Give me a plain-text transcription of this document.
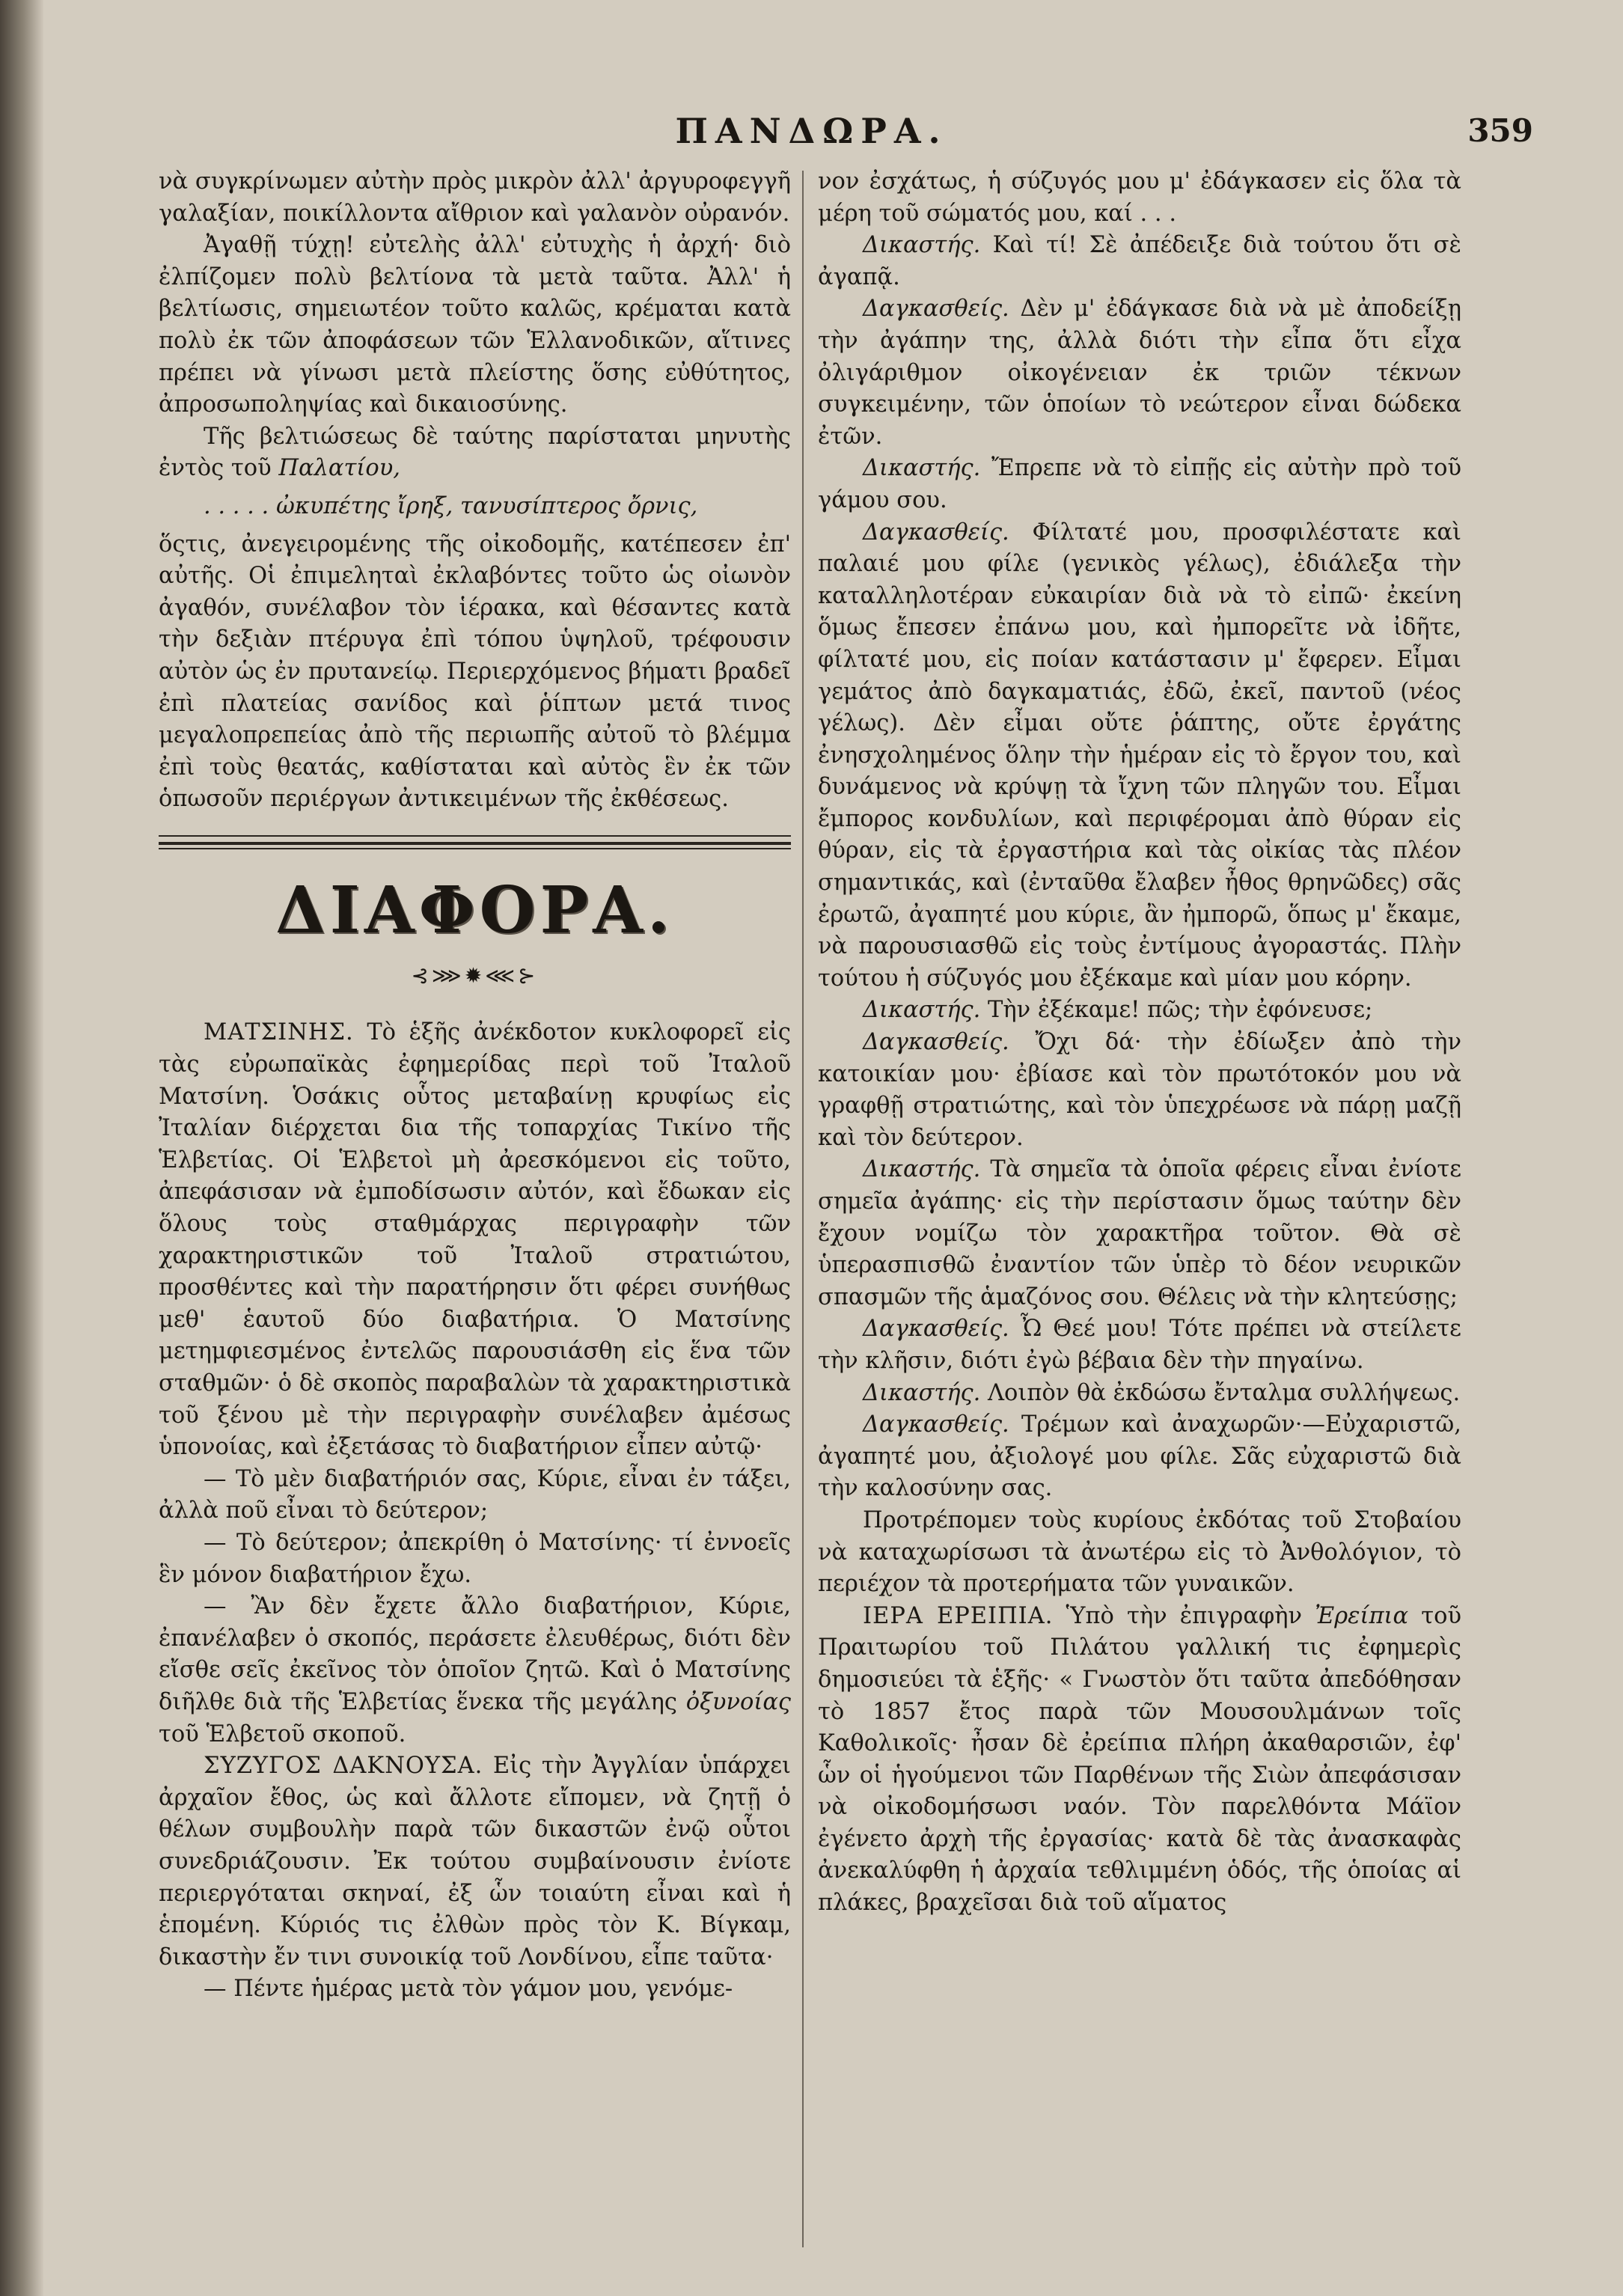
ΠΑΝΔΩΡΑ.	359

νὰ συγκρίνωμεν αὐτὴν πρὸς μικρὸν ἀλλ' ἀργυροφεγγῆ γαλαξίαν, ποικίλλοντα αἴθριον καὶ γαλανὸν οὐρανόν.

Ἀγαθῇ τύχῃ! εὐτελὴς ἀλλ' εὐτυχὴς ἡ ἀρχή· διὸ ἐλπίζομεν πολὺ βελτίονα τὰ μετὰ ταῦτα. Ἀλλ' ἡ βελτίωσις, σημειωτέον τοῦτο καλῶς, κρέμαται κατὰ πολὺ ἐκ τῶν ἀποφάσεων τῶν Ἑλλανοδικῶν, αἵτινες πρέπει νὰ γίνωσι μετὰ πλείστης ὅσης εὐθύτητος, ἀπροσωποληψίας καὶ δικαιοσύνης.

Τῆς βελτιώσεως δὲ ταύτης παρίσταται μηνυτὴς ἐντὸς τοῦ Παλατίου,

. . . . . ὠκυπέτης ἴρηξ, τανυσίπτερος ὄρνις,

ὅςτις, ἀνεγειρομένης τῆς οἰκοδομῆς, κατέπεσεν ἐπ' αὐτῆς. Οἱ ἐπιμεληταὶ ἐκλαβόντες τοῦτο ὡς οἰωνὸν ἀγαθόν, συνέλαβον τὸν ἱέρακα, καὶ θέσαντες κατὰ τὴν δεξιὰν πτέρυγα ἐπὶ τόπου ὑψηλοῦ, τρέφουσιν αὐτὸν ὡς ἐν πρυτανείῳ. Περιερχόμενος βήματι βραδεῖ ἐπὶ πλατείας σανίδος καὶ ῥίπτων μετά τινος μεγαλοπρεπείας ἀπὸ τῆς περιωπῆς αὐτοῦ τὸ βλέμμα ἐπὶ τοὺς θεατάς, καθίσταται καὶ αὐτὸς ἓν ἐκ τῶν ὁπωσοῦν περιέργων ἀντικειμένων τῆς ἐκθέσεως.

ΔΙΑΦΟΡΑ.
⊰⋙✹⋘⊱

ΜΑΤΣΙΝΗΣ. Τὸ ἑξῆς ἀνέκδοτον κυκλοφορεῖ εἰς τὰς εὐρωπαϊκὰς ἐφημερίδας περὶ τοῦ Ἰταλοῦ Ματσίνη. Ὁσάκις οὗτος μεταβαίνῃ κρυφίως εἰς Ἰταλίαν διέρχεται δια τῆς τοπαρχίας Τικίνο τῆς Ἑλβετίας. Οἱ Ἑλβετοὶ μὴ ἀρεσκόμενοι εἰς τοῦτο, ἀπεφάσισαν νὰ ἐμποδίσωσιν αὐτόν, καὶ ἔδωκαν εἰς ὅλους τοὺς σταθμάρχας περιγραφὴν τῶν χαρακτηριστικῶν τοῦ Ἰταλοῦ στρατιώτου, προσθέντες καὶ τὴν παρατήρησιν ὅτι φέρει συνήθως μεθ' ἑαυτοῦ δύο διαβατήρια. Ὁ Ματσίνης μετημφιεσμένος ἐντελῶς παρουσιάσθη εἰς ἕνα τῶν σταθμῶν· ὁ δὲ σκοπὸς παραβαλὼν τὰ χαρακτηριστικὰ τοῦ ξένου μὲ τὴν περιγραφὴν συνέλαβεν ἀμέσως ὑπονοίας, καὶ ἐξετάσας τὸ διαβατήριον εἶπεν αὐτῷ·

— Τὸ μὲν διαβατήριόν σας, Κύριε, εἶναι ἐν τάξει, ἀλλὰ ποῦ εἶναι τὸ δεύτερον;

— Τὸ δεύτερον; ἀπεκρίθη ὁ Ματσίνης· τί ἐννοεῖς ἓν μόνον διαβατήριον ἔχω.

— Ἂν δὲν ἔχετε ἄλλο διαβατήριον, Κύριε, ἐπανέλαβεν ὁ σκοπός, περάσετε ἐλευθέρως, διότι δὲν εἴσθε σεῖς ἐκεῖνος τὸν ὁποῖον ζητῶ. Καὶ ὁ Ματσίνης διῆλθε διὰ τῆς Ἑλβετίας ἕνεκα τῆς μεγάλης ὀξυνοίας τοῦ Ἑλβετοῦ σκοποῦ.

ΣΥΖΥΓΟΣ ΔΑΚΝΟΥΣΑ. Εἰς τὴν Ἀγγλίαν ὑπάρχει ἀρχαῖον ἔθος, ὡς καὶ ἄλλοτε εἴπομεν, νὰ ζητῇ ὁ θέλων συμβουλὴν παρὰ τῶν δικαστῶν ἐνῷ οὗτοι συνεδριάζουσιν. Ἐκ τούτου συμβαίνουσιν ἐνίοτε περιεργόταται σκηναί, ἐξ ὧν τοιαύτη εἶναι καὶ ἡ ἑπομένη. Κύριός τις ἐλθὼν πρὸς τὸν Κ. Βίγκαμ, δικαστὴν ἔν τινι συνοικίᾳ τοῦ Λονδίνου, εἶπε ταῦτα·

— Πέντε ἡμέρας μετὰ τὸν γάμον μου, γενόμε-

νον ἐσχάτως, ἡ σύζυγός μου μ' ἐδάγκασεν εἰς ὅλα τὰ μέρη τοῦ σώματός μου, καί . . .

Δικαστής. Καὶ τί! Σὲ ἀπέδειξε διὰ τούτου ὅτι σὲ ἀγαπᾷ.

Δαγκασθείς. Δὲν μ' ἐδάγκασε διὰ νὰ μὲ ἀποδείξῃ τὴν ἀγάπην της, ἀλλὰ διότι τὴν εἶπα ὅτι εἶχα ὀλιγάριθμον οἰκογένειαν ἐκ τριῶν τέκνων συγκειμένην, τῶν ὁποίων τὸ νεώτερον εἶναι δώδεκα ἐτῶν.

Δικαστής. Ἔπρεπε νὰ τὸ εἰπῇς εἰς αὐτὴν πρὸ τοῦ γάμου σου.

Δαγκασθείς. Φίλτατέ μου, προσφιλέστατε καὶ παλαιέ μου φίλε (γενικὸς γέλως), ἐδιάλεξα τὴν καταλληλοτέραν εὐκαιρίαν διὰ νὰ τὸ εἰπῶ· ἐκείνη ὅμως ἔπεσεν ἐπάνω μου, καὶ ἠμπορεῖτε νὰ ἰδῆτε, φίλτατέ μου, εἰς ποίαν κατάστασιν μ' ἔφερεν. Εἶμαι γεμάτος ἀπὸ δαγκαματιάς, ἐδῶ, ἐκεῖ, παντοῦ (νέος γέλως). Δὲν εἶμαι οὔτε ῥάπτης, οὔτε ἐργάτης ἐνησχολημένος ὅλην τὴν ἡμέραν εἰς τὸ ἔργον του, καὶ δυνάμενος νὰ κρύψῃ τὰ ἴχνη τῶν πληγῶν του. Εἶμαι ἔμπορος κονδυλίων, καὶ περιφέρομαι ἀπὸ θύραν εἰς θύραν, εἰς τὰ ἐργαστήρια καὶ τὰς οἰκίας τὰς πλέον σημαντικάς, καὶ (ἐνταῦθα ἔλαβεν ἦθος θρηνῶδες) σᾶς ἐρωτῶ, ἀγαπητέ μου κύριε, ἂν ἠμπορῶ, ὅπως μ' ἔκαμε, νὰ παρουσιασθῶ εἰς τοὺς ἐντίμους ἀγοραστάς. Πλὴν τούτου ἡ σύζυγός μου ἐξέκαμε καὶ μίαν μου κόρην.

Δικαστής. Τὴν ἐξέκαμε! πῶς; τὴν ἐφόνευσε;

Δαγκασθείς. Ὄχι δά· τὴν ἐδίωξεν ἀπὸ τὴν κατοικίαν μου· ἐβίασε καὶ τὸν πρωτότοκόν μου νὰ γραφθῇ στρατιώτης, καὶ τὸν ὑπεχρέωσε νὰ πάρῃ μαζῇ καὶ τὸν δεύτερον.

Δικαστής. Τὰ σημεῖα τὰ ὁποῖα φέρεις εἶναι ἐνίοτε σημεῖα ἀγάπης· εἰς τὴν περίστασιν ὅμως ταύτην δὲν ἔχουν νομίζω τὸν χαρακτῆρα τοῦτον. Θὰ σὲ ὑπερασπισθῶ ἐναντίον τῶν ὑπὲρ τὸ δέον νευρικῶν σπασμῶν τῆς ἁμαζόνος σου. Θέλεις νὰ τὴν κλητεύσῃς;

Δαγκασθείς. Ὦ Θεέ μου! Τότε πρέπει νὰ στείλετε τὴν κλῆσιν, διότι ἐγὼ βέβαια δὲν τὴν πηγαίνω.

Δικαστής. Λοιπὸν θὰ ἐκδώσω ἔνταλμα συλλήψεως.

Δαγκασθείς. Τρέμων καὶ ἀναχωρῶν·—Εὐχαριστῶ, ἀγαπητέ μου, ἀξιολογέ μου φίλε. Σᾶς εὐχαριστῶ διὰ τὴν καλοσύνην σας.

Προτρέπομεν τοὺς κυρίους ἐκδότας τοῦ Στοβαίου νὰ καταχωρίσωσι τὰ ἀνωτέρω εἰς τὸ Ἀνθολόγιον, τὸ περιέχον τὰ προτερήματα τῶν γυναικῶν.

ΙΕΡΑ ΕΡΕΙΠΙΑ. Ὑπὸ τὴν ἐπιγραφὴν Ἐρείπια τοῦ Πραιτωρίου τοῦ Πιλάτου γαλλική τις ἐφημερὶς δημοσιεύει τὰ ἑξῆς· « Γνωστὸν ὅτι ταῦτα ἀπεδόθησαν τὸ 1857 ἔτος παρὰ τῶν Μουσουλμάνων τοῖς Καθολικοῖς· ἦσαν δὲ ἐρείπια πλήρη ἀκαθαρσιῶν, ἐφ' ὧν οἱ ἡγούμενοι τῶν Παρθένων τῆς Σιὼν ἀπεφάσισαν νὰ οἰκοδομήσωσι ναόν. Τὸν παρελθόντα Μάϊον ἐγένετο ἀρχὴ τῆς ἐργασίας· κατὰ δὲ τὰς ἀνασκαφὰς ἀνεκαλύφθη ἡ ἀρχαία τεθλιμμένη ὁδός, τῆς ὁποίας αἱ πλάκες, βραχεῖσαι διὰ τοῦ αἵματος
